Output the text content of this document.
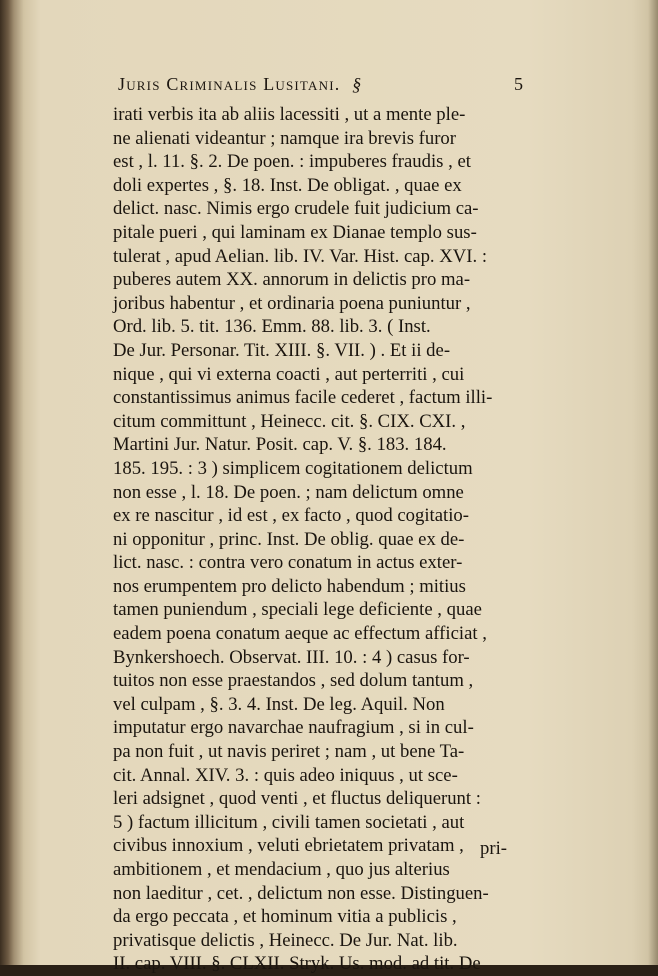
Juris Criminalis Lusitani. §	5
irati verbis ita ab aliis lacessiti , ut a mente ple-
ne alienati videantur ; namque ira brevis furor
est , l. 11. §. 2. De poen. : impuberes fraudis , et
doli expertes , §. 18. Inst. De obligat. , quae ex
delict. nasc. Nimis ergo crudele fuit judicium ca-
pitale pueri , qui laminam ex Dianae templo sus-
tulerat , apud Aelian. lib. IV. Var. Hist. cap. XVI. :
puberes autem XX. annorum in delictis pro ma-
joribus habentur , et ordinaria poena puniuntur ,
Ord. lib. 5. tit. 136. Emm. 88. lib. 3. ( Inst.
De Jur. Personar. Tit. XIII. §. VII. ) . Et ii de-
nique , qui vi externa coacti , aut perterriti , cui
constantissimus animus facile cederet , factum illi-
citum committunt , Heinecc. cit. §. CIX. CXI. ,
Martini Jur. Natur. Posit. cap. V. §. 183. 184.
185. 195. : 3 ) simplicem cogitationem delictum
non esse , l. 18. De poen. ; nam delictum omne
ex re nascitur , id est , ex facto , quod cogitatio-
ni opponitur , princ. Inst. De oblig. quae ex de-
lict. nasc. : contra vero conatum in actus exter-
nos erumpentem pro delicto habendum ; mitius
tamen puniendum , speciali lege deficiente , quae
eadem poena conatum aeque ac effectum afficiat ,
Bynkershoech. Observat. III. 10. : 4 ) casus for-
tuitos non esse praestandos , sed dolum tantum ,
vel culpam , §. 3. 4. Inst. De leg. Aquil. Non
imputatur ergo navarchae naufragium , si in cul-
pa non fuit , ut navis periret ; nam , ut bene Ta-
cit. Annal. XIV. 3. : quis adeo iniquus , ut sce-
leri adsignet , quod venti , et fluctus deliquerunt :
5 ) factum illicitum , civili tamen societati , aut
civibus innoxium , veluti ebrietatem privatam ,
ambitionem , et mendacium , quo jus alterius
non laeditur , cet. , delictum non esse. Distinguen-
da ergo peccata , et hominum vitia a publicis ,
privatisque delictis , Heinecc. De Jur. Nat. lib.
II. cap. VIII. §. CLXII. Stryk. Us. mod. ad tit. De
pri-
